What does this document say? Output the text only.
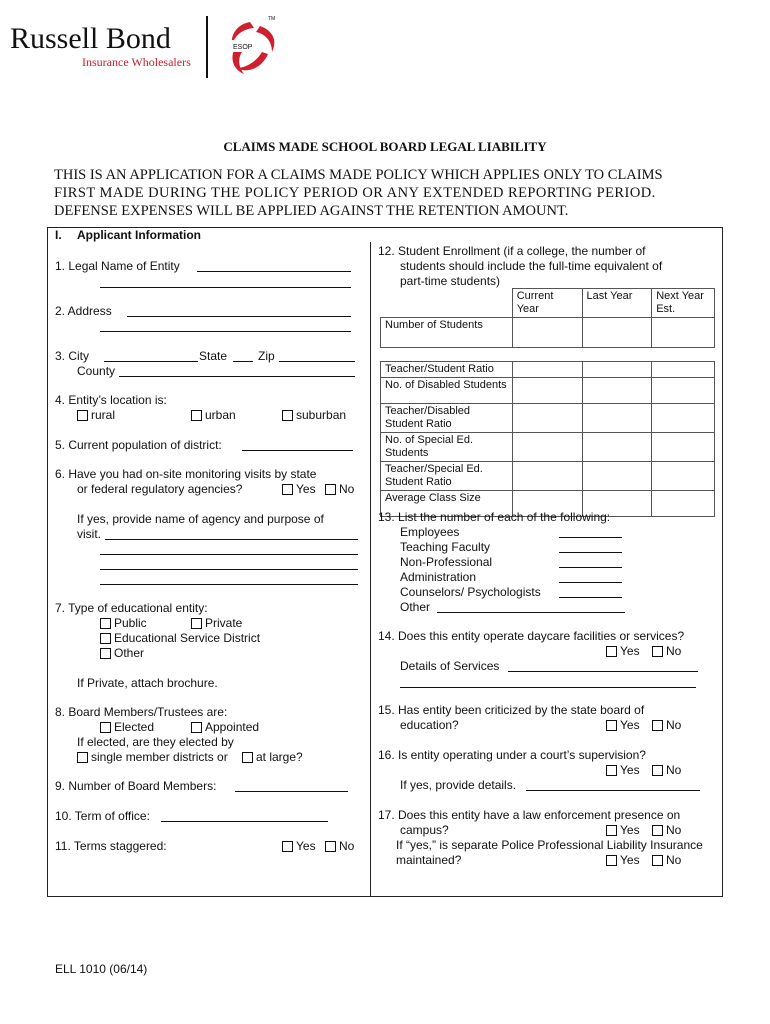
Russell Bond
Insurance Wholesalers
ESOP
TM
CLAIMS MADE SCHOOL BOARD LEGAL LIABILITY
THIS IS AN APPLICATION FOR A CLAIMS MADE POLICY WHICH APPLIES ONLY TO CLAIMS
FIRST MADE DURING THE POLICY PERIOD OR ANY EXTENDED REPORTING PERIOD.
DEFENSE EXPENSES WILL BE APPLIED AGAINST THE RETENTION AMOUNT.
I. Applicant Information
1. Legal Name of Entity
2. Address
3. City	State	Zip
County
4. Entity’s location is:
rural	urban	suburban
5. Current population of district:
6. Have you had on-site monitoring visits by state
or federal regulatory agencies?	Yes	No
If yes, provide name of agency and purpose of
visit.
7. Type of educational entity:
Public	Private
Educational Service District
Other
If Private, attach brochure.
8. Board Members/Trustees are:
Elected	Appointed
If elected, are they elected by
single member districts or	at large?
9. Number of Board Members:
10. Term of office:
11. Terms staggered:	Yes	No
12. Student Enrollment (if a college, the number of
students should include the full-time equivalent of
part-time students)
	Current Year	Last Year	Next Year Est.
Number of Students			

Teacher/Student Ratio			
No. of Disabled Students			
Teacher/Disabled Student Ratio			
No. of Special Ed. Students			
Teacher/Special Ed. Student Ratio			
Average Class Size			
13. List the number of each of the following:
Employees
Teaching Faculty
Non-Professional
Administration
Counselors/ Psychologists
Other
14. Does this entity operate daycare facilities or services?
Yes	No
Details of Services
15. Has entity been criticized by the state board of
education?	Yes	No
16. Is entity operating under a court’s supervision?
Yes	No
If yes, provide details.
17. Does this entity have a law enforcement presence on
campus?	Yes	No
If “yes,” is separate Police Professional Liability Insurance
maintained?	Yes	No
ELL 1010 (06/14)
